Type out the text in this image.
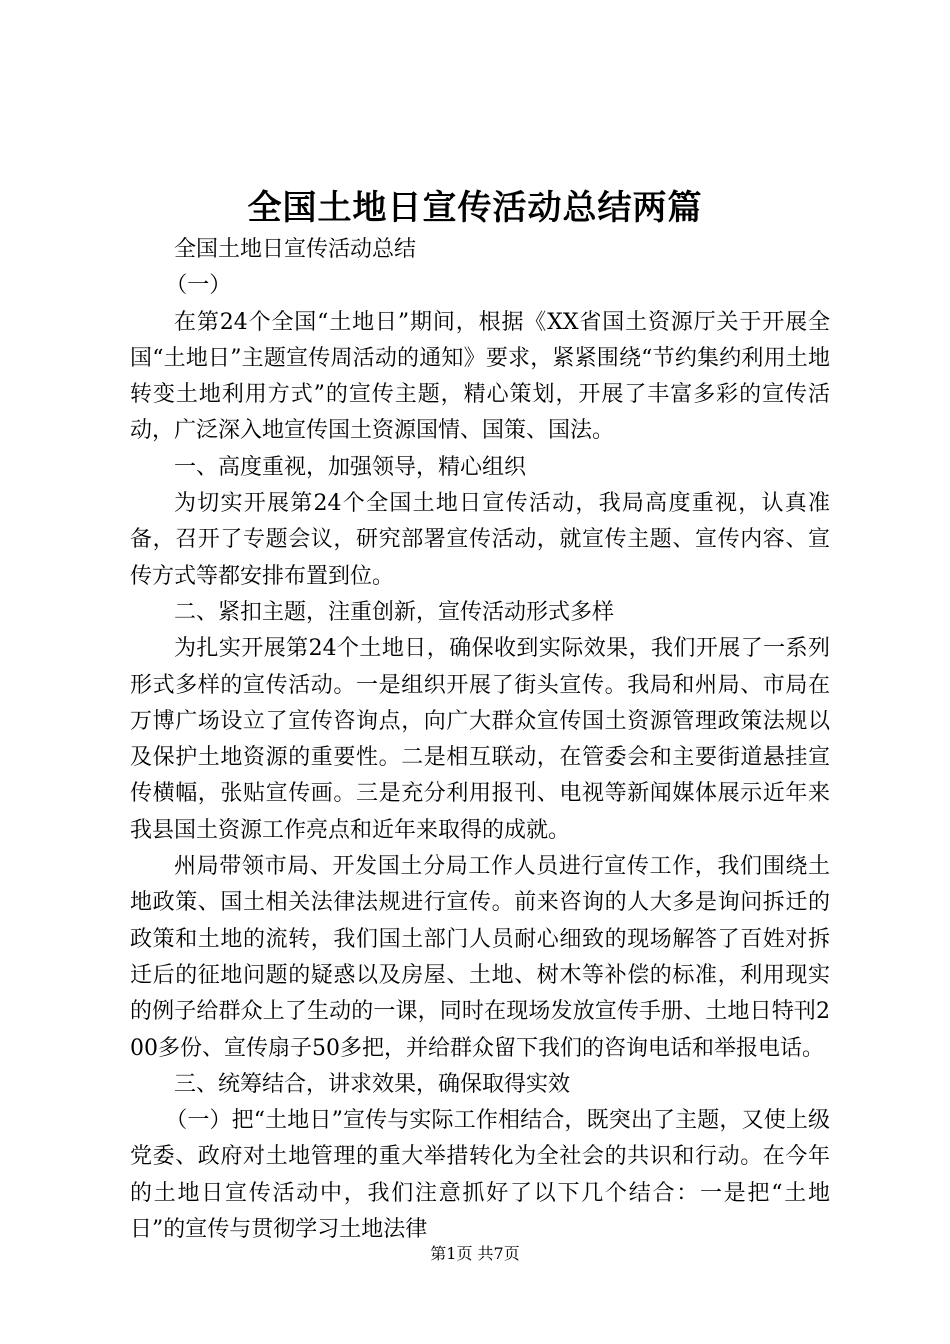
全国土地日宣传活动总结两篇

全国土地日宣传活动总结

（一）

在第24个全国“土地日”期间，根据《XX省国土资源厅关于开展全国“土地日”主题宣传周活动的通知》要求，紧紧围绕“节约集约利用土地转变土地利用方式”的宣传主题，精心策划，开展了丰富多彩的宣传活动，广泛深入地宣传国土资源国情、国策、国法。

一、高度重视，加强领导，精心组织

为切实开展第24个全国土地日宣传活动，我局高度重视，认真准备，召开了专题会议，研究部署宣传活动，就宣传主题、宣传内容、宣传方式等都安排布置到位。

二、紧扣主题，注重创新，宣传活动形式多样

为扎实开展第24个土地日，确保收到实际效果，我们开展了一系列形式多样的宣传活动。一是组织开展了街头宣传。我局和州局、市局在万博广场设立了宣传咨询点，向广大群众宣传国土资源管理政策法规以及保护土地资源的重要性。二是相互联动，在管委会和主要街道悬挂宣传横幅，张贴宣传画。三是充分利用报刊、电视等新闻媒体展示近年来我县国土资源工作亮点和近年来取得的成就。

州局带领市局、开发国土分局工作人员进行宣传工作，我们围绕土地政策、国土相关法律法规进行宣传。前来咨询的人大多是询问拆迁的政策和土地的流转，我们国土部门人员耐心细致的现场解答了百姓对拆迁后的征地问题的疑惑以及房屋、土地、树木等补偿的标准，利用现实的例子给群众上了生动的一课，同时在现场发放宣传手册、土地日特刊200多份、宣传扇子50多把，并给群众留下我们的咨询电话和举报电话。

三、统筹结合，讲求效果，确保取得实效

（一）把“土地日”宣传与实际工作相结合，既突出了主题，又使上级党委、政府对土地管理的重大举措转化为全社会的共识和行动。在今年的土地日宣传活动中，我们注意抓好了以下几个结合：一是把“土地日”的宣传与贯彻学习土地法律

第1页 共7页
